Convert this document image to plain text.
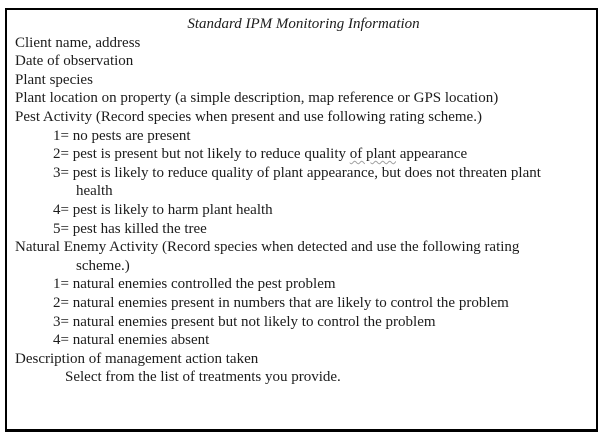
Standard IPM Monitoring Information
Client name, address
Date of observation
Plant species
Plant location on property (a simple description, map reference or GPS location)
Pest Activity (Record species when present and use following rating scheme.)
1= no pests are present
2= pest is present but not likely to reduce quality of plant appearance
3= pest is likely to reduce quality of plant appearance, but does not threaten plant
health
4= pest is likely to harm plant health
5= pest has killed the tree
Natural Enemy Activity (Record species when detected and use the following rating
scheme.)
1= natural enemies controlled the pest problem
2= natural enemies present in numbers that are likely to control the problem
3= natural enemies present but not likely to control the problem
4= natural enemies absent
Description of management action taken
Select from the list of treatments you provide.
